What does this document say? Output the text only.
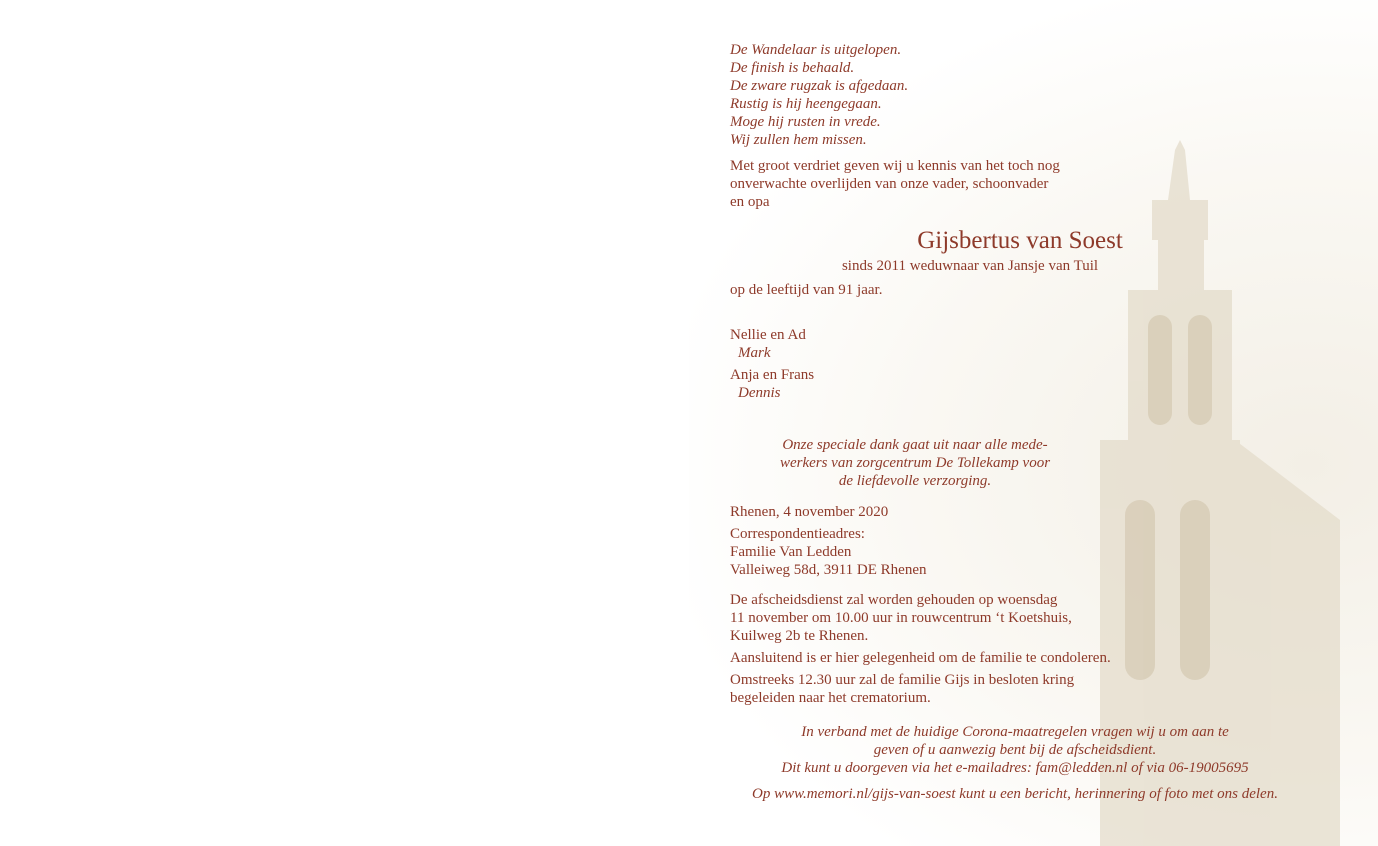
De Wandelaar is uitgelopen.
De finish is behaald.
De zware rugzak is afgedaan.
Rustig is hij heengegaan.
Moge hij rusten in vrede.
Wij zullen hem missen.
Met groot verdriet geven wij u kennis van het toch nog
onverwachte overlijden van onze vader, schoonvader
en opa
Gijsbertus van Soest
sinds 2011 weduwnaar van Jansje van Tuil
op de leeftijd van 91 jaar.
Nellie en Ad
Mark
Anja en Frans
Dennis
Onze speciale dank gaat uit naar alle mede-
werkers van zorgcentrum De Tollekamp voor
de liefdevolle verzorging.
Rhenen, 4 november 2020
Correspondentieadres:
Familie Van Ledden
Valleiweg 58d, 3911 DE Rhenen
De afscheidsdienst zal worden gehouden op woensdag
11 november om 10.00 uur in rouwcentrum ‘t Koetshuis,
Kuilweg 2b te Rhenen.
Aansluitend is er hier gelegenheid om de familie te condoleren.
Omstreeks 12.30 uur zal de familie Gijs in besloten kring
begeleiden naar het crematorium.
In verband met de huidige Corona-maatregelen vragen wij u om aan te
geven of u aanwezig bent bij de afscheidsdient.
Dit kunt u doorgeven via het e-mailadres: fam@ledden.nl of via 06-19005695
Op www.memori.nl/gijs-van-soest kunt u een bericht, herinnering of foto met ons delen.
